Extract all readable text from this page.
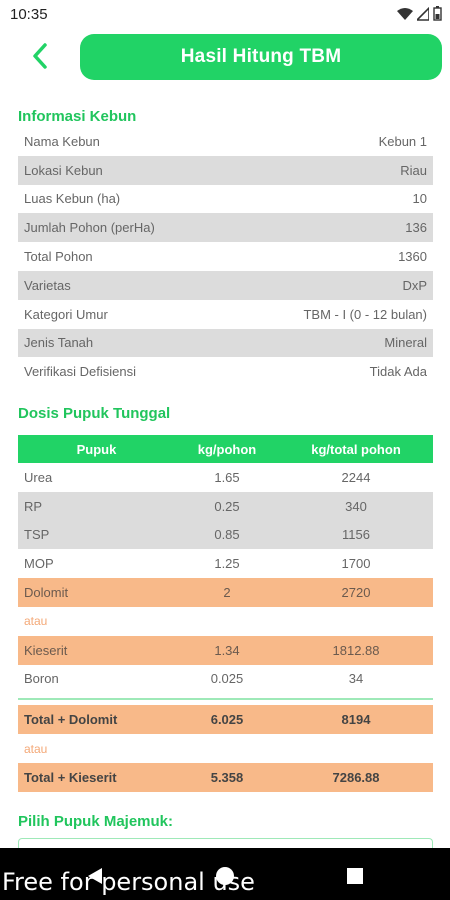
10:35
Hasil Hitung TBM
Informasi Kebun
Nama Kebun	Kebun 1
Lokasi Kebun	Riau
Luas Kebun (ha)	10
Jumlah Pohon (perHa)	136
Total Pohon	1360
Varietas	DxP
Kategori Umur	TBM - I (0 - 12 bulan)
Jenis Tanah	Mineral
Verifikasi Defisiensi	Tidak Ada
Dosis Pupuk Tunggal
Pupuk	kg/pohon	kg/total pohon
Urea	1.65	2244
RP	0.25	340
TSP	0.85	1156
MOP	1.25	1700
Dolomit	2	2720
atau
Kieserit	1.34	1812.88
Boron	0.025	34
Total + Dolomit	6.025	8194
atau
Total + Kieserit	5.358	7286.88
Pilih Pupuk Majemuk:
Free for personal use
